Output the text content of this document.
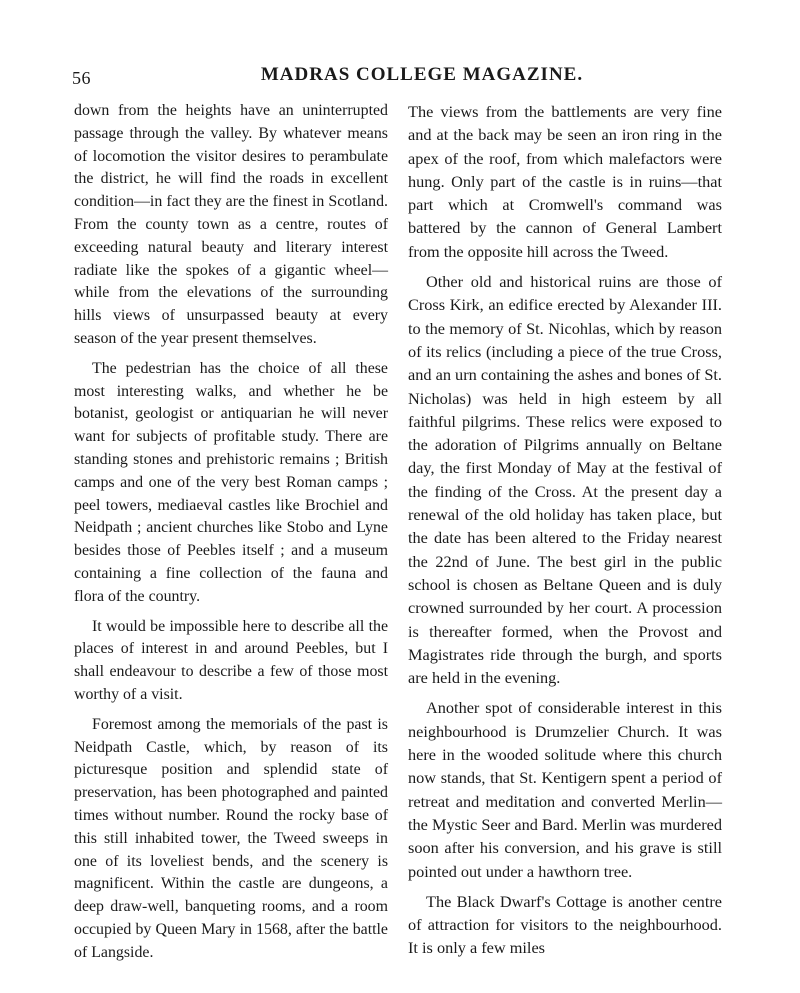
56	MADRAS COLLEGE MAGAZINE.

down from the heights have an uninterrupted passage through the valley. By whatever means of locomotion the visitor desires to perambulate the district, he will find the roads in excellent condition—in fact they are the finest in Scotland. From the county town as a centre, routes of exceeding natural beauty and literary interest radiate like the spokes of a gigantic wheel—while from the elevations of the surrounding hills views of unsurpassed beauty at every season of the year present themselves.

The pedestrian has the choice of all these most interesting walks, and whether he be botanist, geologist or antiquarian he will never want for subjects of profitable study. There are standing stones and prehistoric remains ; British camps and one of the very best Roman camps ; peel towers, mediaeval castles like Brochiel and Neidpath ; ancient churches like Stobo and Lyne besides those of Peebles itself ; and a museum containing a fine collection of the fauna and flora of the country.

It would be impossible here to describe all the places of interest in and around Peebles, but I shall endeavour to describe a few of those most worthy of a visit.

Foremost among the memorials of the past is Neidpath Castle, which, by reason of its picturesque position and splendid state of preservation, has been photographed and painted times without number. Round the rocky base of this still inhabited tower, the Tweed sweeps in one of its loveliest bends, and the scenery is magnificent. Within the castle are dungeons, a deep draw-well, banqueting rooms, and a room occupied by Queen Mary in 1568, after the battle of Langside.

The views from the battlements are very fine and at the back may be seen an iron ring in the apex of the roof, from which malefactors were hung. Only part of the castle is in ruins—that part which at Cromwell's command was battered by the cannon of General Lambert from the opposite hill across the Tweed.

Other old and historical ruins are those of Cross Kirk, an edifice erected by Alexander III. to the memory of St. Nicohlas, which by reason of its relics (including a piece of the true Cross, and an urn containing the ashes and bones of St. Nicholas) was held in high esteem by all faithful pilgrims. These relics were exposed to the adoration of Pilgrims annually on Beltane day, the first Monday of May at the festival of the finding of the Cross. At the present day a renewal of the old holiday has taken place, but the date has been altered to the Friday nearest the 22nd of June. The best girl in the public school is chosen as Beltane Queen and is duly crowned surrounded by her court. A procession is thereafter formed, when the Provost and Magistrates ride through the burgh, and sports are held in the evening.

Another spot of considerable interest in this neighbourhood is Drumzelier Church. It was here in the wooded solitude where this church now stands, that St. Kentigern spent a period of retreat and meditation and converted Merlin—the Mystic Seer and Bard. Merlin was murdered soon after his conversion, and his grave is still pointed out under a hawthorn tree.

The Black Dwarf's Cottage is another centre of attraction for visitors to the neighbourhood. It is only a few miles
